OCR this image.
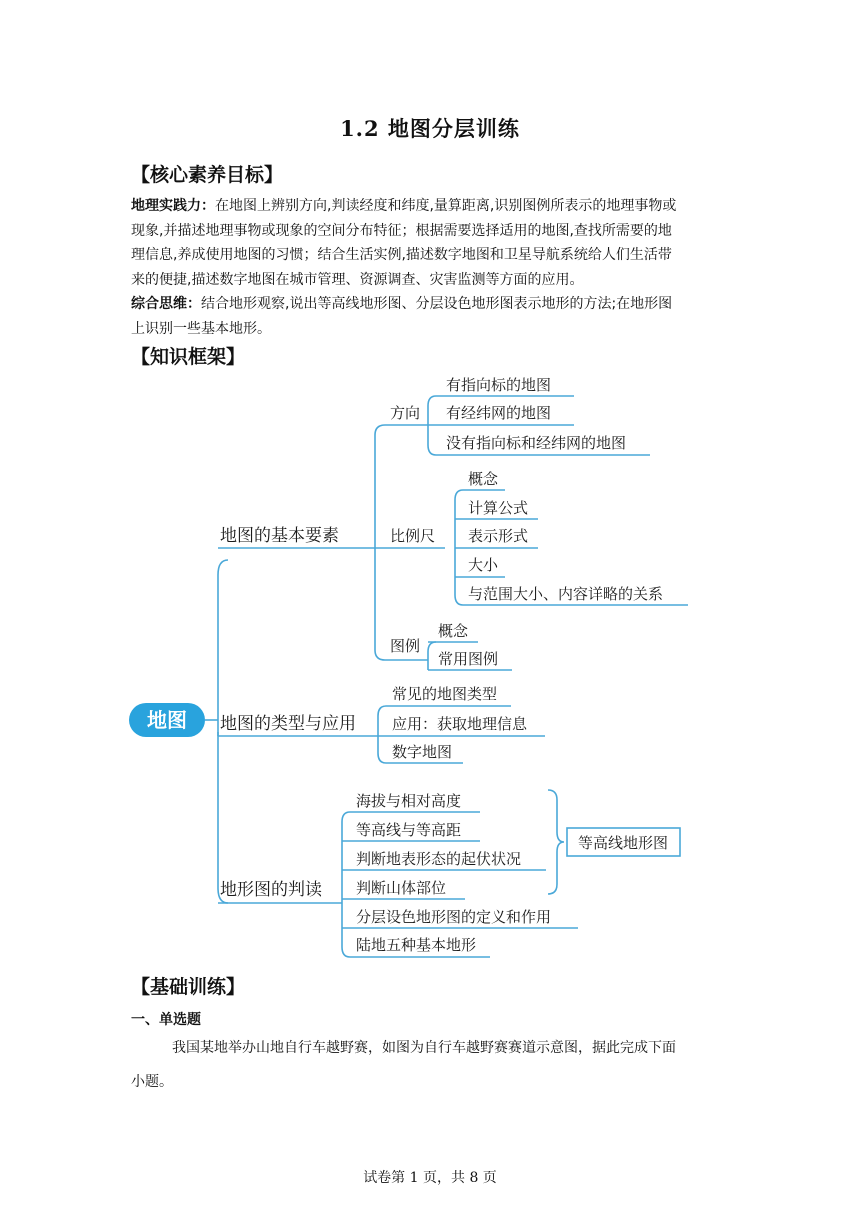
1.2 地图分层训练
【核心素养目标】
地理实践力：在地图上辨别方向,判读经度和纬度,量算距离,识别图例所表示的地理事物或
现象,并描述地理事物或现象的空间分布特征；根据需要选择适用的地图,查找所需要的地
理信息,养成使用地图的习惯；结合生活实例,描述数字地图和卫星导航系统给人们生活带
来的便捷,描述数字地图在城市管理、资源调查、灾害监测等方面的应用。
综合思维：结合地形观察,说出等高线地形图、分层设色地形图表示地形的方法;在地形图
上识别一些基本地形。
【知识框架】
地图
地图的基本要素
地图的类型与应用
地形图的判读
方向
比例尺
图例
有指向标的地图
有经纬网的地图
没有指向标和经纬网的地图
概念
计算公式
表示形式
大小
与范围大小、内容详略的关系
概念
常用图例
常见的地图类型
应用：获取地理信息
数字地图
海拔与相对高度
等高线与等高距
判断地表形态的起伏状况
判断山体部位
分层设色地形图的定义和作用
陆地五种基本地形
等高线地形图
【基础训练】
一、单选题
我国某地举办山地自行车越野赛，如图为自行车越野赛赛道示意图，据此完成下面
小题。
试卷第 1 页，共 8 页
